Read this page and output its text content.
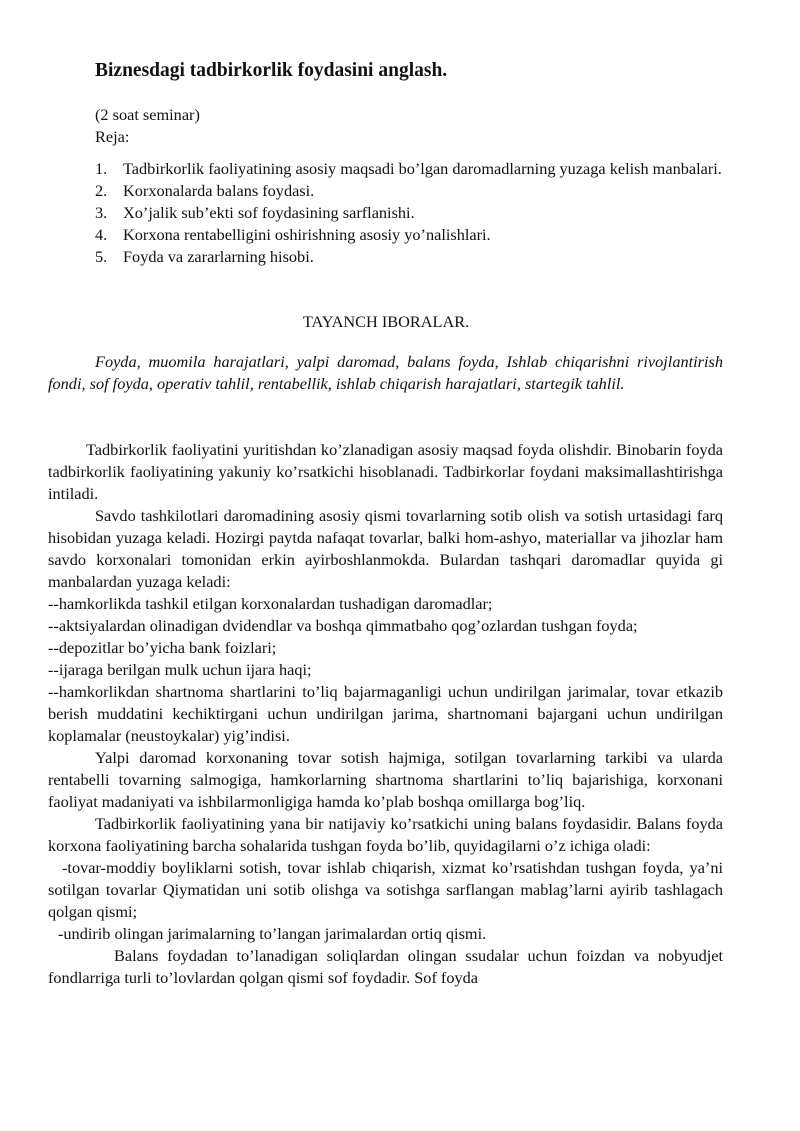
Biznesdagi tadbirkorlik foydasini anglash.
(2 soat seminar)
Reja:
1. Tadbirkorlik faoliyatining asosiy maqsadi bo’lgan daromadlarning yuzaga kelish manbalari.
2. Korxonalarda balans foydasi.
3. Xo’jalik sub’ekti sof foydasining sarflanishi.
4. Korxona rentabelligini oshirishning asosiy yo’nalishlari.
5. Foyda va zararlarning hisobi.
TAYANCH IBORALAR.

Foyda, muomila harajatlari, yalpi daromad, balans foyda, Ishlab chiqarishni rivojlantirish fondi, sof foyda, operativ tahlil, rentabellik, ishlab chiqarish harajatlari, startegik tahlil.

Tadbirkorlik faoliyatini yuritishdan ko’zlanadigan asosiy maqsad foyda olishdir. Binobarin foyda tadbirkorlik faoliyatining yakuniy ko’rsatkichi hisoblanadi. Tadbirkorlar foydani maksimallashtirishga intiladi.

Savdo tashkilotlari daromadining asosiy qismi tovarlarning sotib olish va sotish urtasidagi farq hisobidan yuzaga keladi. Hozirgi paytda nafaqat tovarlar, balki hom-ashyo, materiallar va jihozlar ham savdo korxonalari tomonidan erkin ayirboshlanmokda. Bulardan tashqari daromadlar quyida gi manbalardan yuzaga keladi:

--hamkorlikda tashkil etilgan korxonalardan tushadigan daromadlar;

--aktsiyalardan olinadigan dvidendlar va boshqa qimmatbaho qog’ozlardan tushgan foyda;

--depozitlar bo’yicha bank foizlari;

--ijaraga berilgan mulk uchun ijara haqi;

--hamkorlikdan shartnoma shartlarini to’liq bajarmaganligi uchun undirilgan jarimalar, tovar etkazib berish muddatini kechiktirgani uchun undirilgan jarima, shartnomani bajargani uchun undirilgan koplamalar (neustoykalar) yig’indisi.

Yalpi daromad korxonaning tovar sotish hajmiga, sotilgan tovarlarning tarkibi va ularda rentabelli tovarning salmogiga, hamkorlarning shartnoma shartlarini to’liq bajarishiga, korxonani faoliyat madaniyati va ishbilarmonligiga hamda ko’plab boshqa omillarga bog’liq.

Tadbirkorlik faoliyatining yana bir natijaviy ko’rsatkichi uning balans foydasidir. Balans foyda korxona faoliyatining barcha sohalarida tushgan foyda bo’lib, quyidagilarni o’z ichiga oladi:

-tovar-moddiy boyliklarni sotish, tovar ishlab chiqarish, xizmat ko’rsatishdan tushgan foyda, ya’ni sotilgan tovarlar Qiymatidan uni sotib olishga va sotishga sarflangan mablag’larni ayirib tashlagach qolgan qismi;

-undirib olingan jarimalarning to’langan jarimalardan ortiq qismi.

Balans foydadan to’lanadigan soliqlardan olingan ssudalar uchun foizdan va nobyudjet fondlarriga turli to’lovlardan qolgan qismi sof foydadir. Sof foyda
